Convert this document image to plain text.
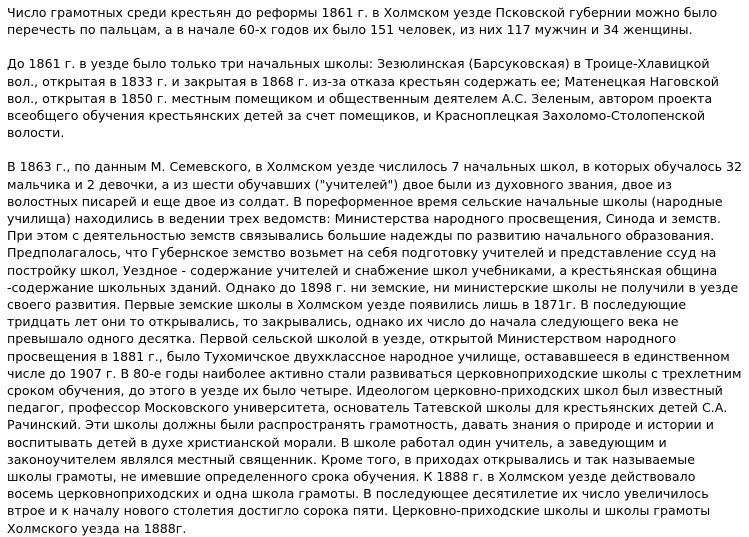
Число грамотных среди крестьян до реформы 1861 г. в Холмском уезде Псковской губернии можно было перечесть по пальцам, а в начале 60-х годов их было 151 человек, из них 117 мужчин и 34 женщины.

До 1861 г. в уезде было только три начальных школы: Зезюлинская (Барсуковская) в Троице-Хлавицкой вол., открытая в 1833 г. и закрытая в 1868 г. из-за отказа крестьян содержать ее; Матенецкая Наговской вол., открытая в 1850 г. местным помещиком и общественным деятелем А.С. Зеленым, автором проекта всеобщего обучения крестьянских детей за счет помещиков, и Красноплецкая Захоломо-Столопенской волости.

В 1863 г., по данным М. Семевского, в Холмском уезде числилось 7 начальных школ, в которых обучалось 32 мальчика и 2 девочки, а из шести обучавших ("учителей") двое были из духовного звания, двое из волостных писарей и еще двое из солдат. В пореформенное время сельские начальные школы (народные училища) находились в ведении трех ведомств: Министерства народного просвещения, Синода и земств. При этом с деятельностью земств связывались большие надежды по развитию начального образования. Предполагалось, что Губернское земство возьмет на себя подготовку учителей и представление ссуд на постройку школ, Уездное - содержание учителей и снабжение школ учебниками, а крестьянская община -содержание школьных зданий. Однако до 1898 г. ни земские, ни министерские школы не получили в уезде своего развития. Первые земские школы в Холмском уезде появились лишь в 1871г. В последующие тридцать лет они то открывались, то закрывались, однако их число до начала следующего века не превышало одного десятка. Первой сельской школой в уезде, открытой Министерством народного просвещения в 1881 г., было Тухомичское двухклассное народное училище, остававшееся в единственном числе до 1907 г. В 80-е годы наиболее активно стали развиваться церковноприходские школы с трехлетним сроком обучения, до этого в уезде их было четыре. Идеологом церковно-приходских школ был известный педагог, профессор Московского университета, основатель Татевской школы для крестьянских детей С.А. Рачинский. Эти школы должны были распространять грамотность, давать знания о природе и истории и воспитывать детей в духе христианской морали. В школе работал один учитель, а заведующим и законоучителем являлся местный священник. Кроме того, в приходах открывались и так называемые школы грамоты, не имевшие определенного срока обучения. К 1888 г. в Холмском уезде действовало восемь церковноприходских и одна школа грамоты. В последующее десятилетие их число увеличилось втрое и к началу нового столетия достигло сорока пяти. Церковно-приходские школы и школы грамоты Холмского уезда на 1888г.
